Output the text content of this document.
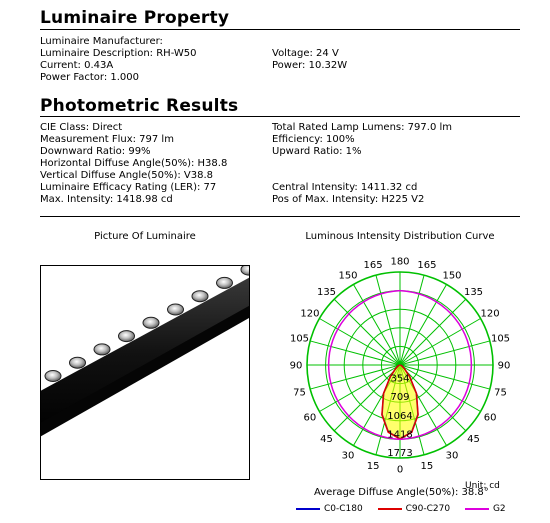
Luminaire Property
Luminaire Manufacturer:
Luminaire Description: RH-W50
Current: 0.43A
Power Factor: 1.000
Voltage: 24 V
Power: 10.32W
Photometric Results
CIE Class: Direct
Measurement Flux: 797 lm
Downward Ratio: 99%
Horizontal Diffuse Angle(50%): H38.8
Vertical Diffuse Angle(50%): V38.8
Luminaire Efficacy Rating (LER): 77
Max. Intensity: 1418.98 cd
Total Rated Lamp Lumens: 797.0 lm
Efficiency: 100%
Upward Ratio: 1%
Central Intensity: 1411.32 cd
Pos of Max. Intensity: H225 V2
Picture Of Luminaire	Luminous Intensity Distribution Curve
180
165
150
135
120
105
90
75
60
45
30
15 0
165
150
135
120
105
90
75
60
45
30
15
354
709
1064
1418
1773
Unit: cd
Average Diffuse Angle(50%): 38.8°
C0-C180	C90-C270	G2
